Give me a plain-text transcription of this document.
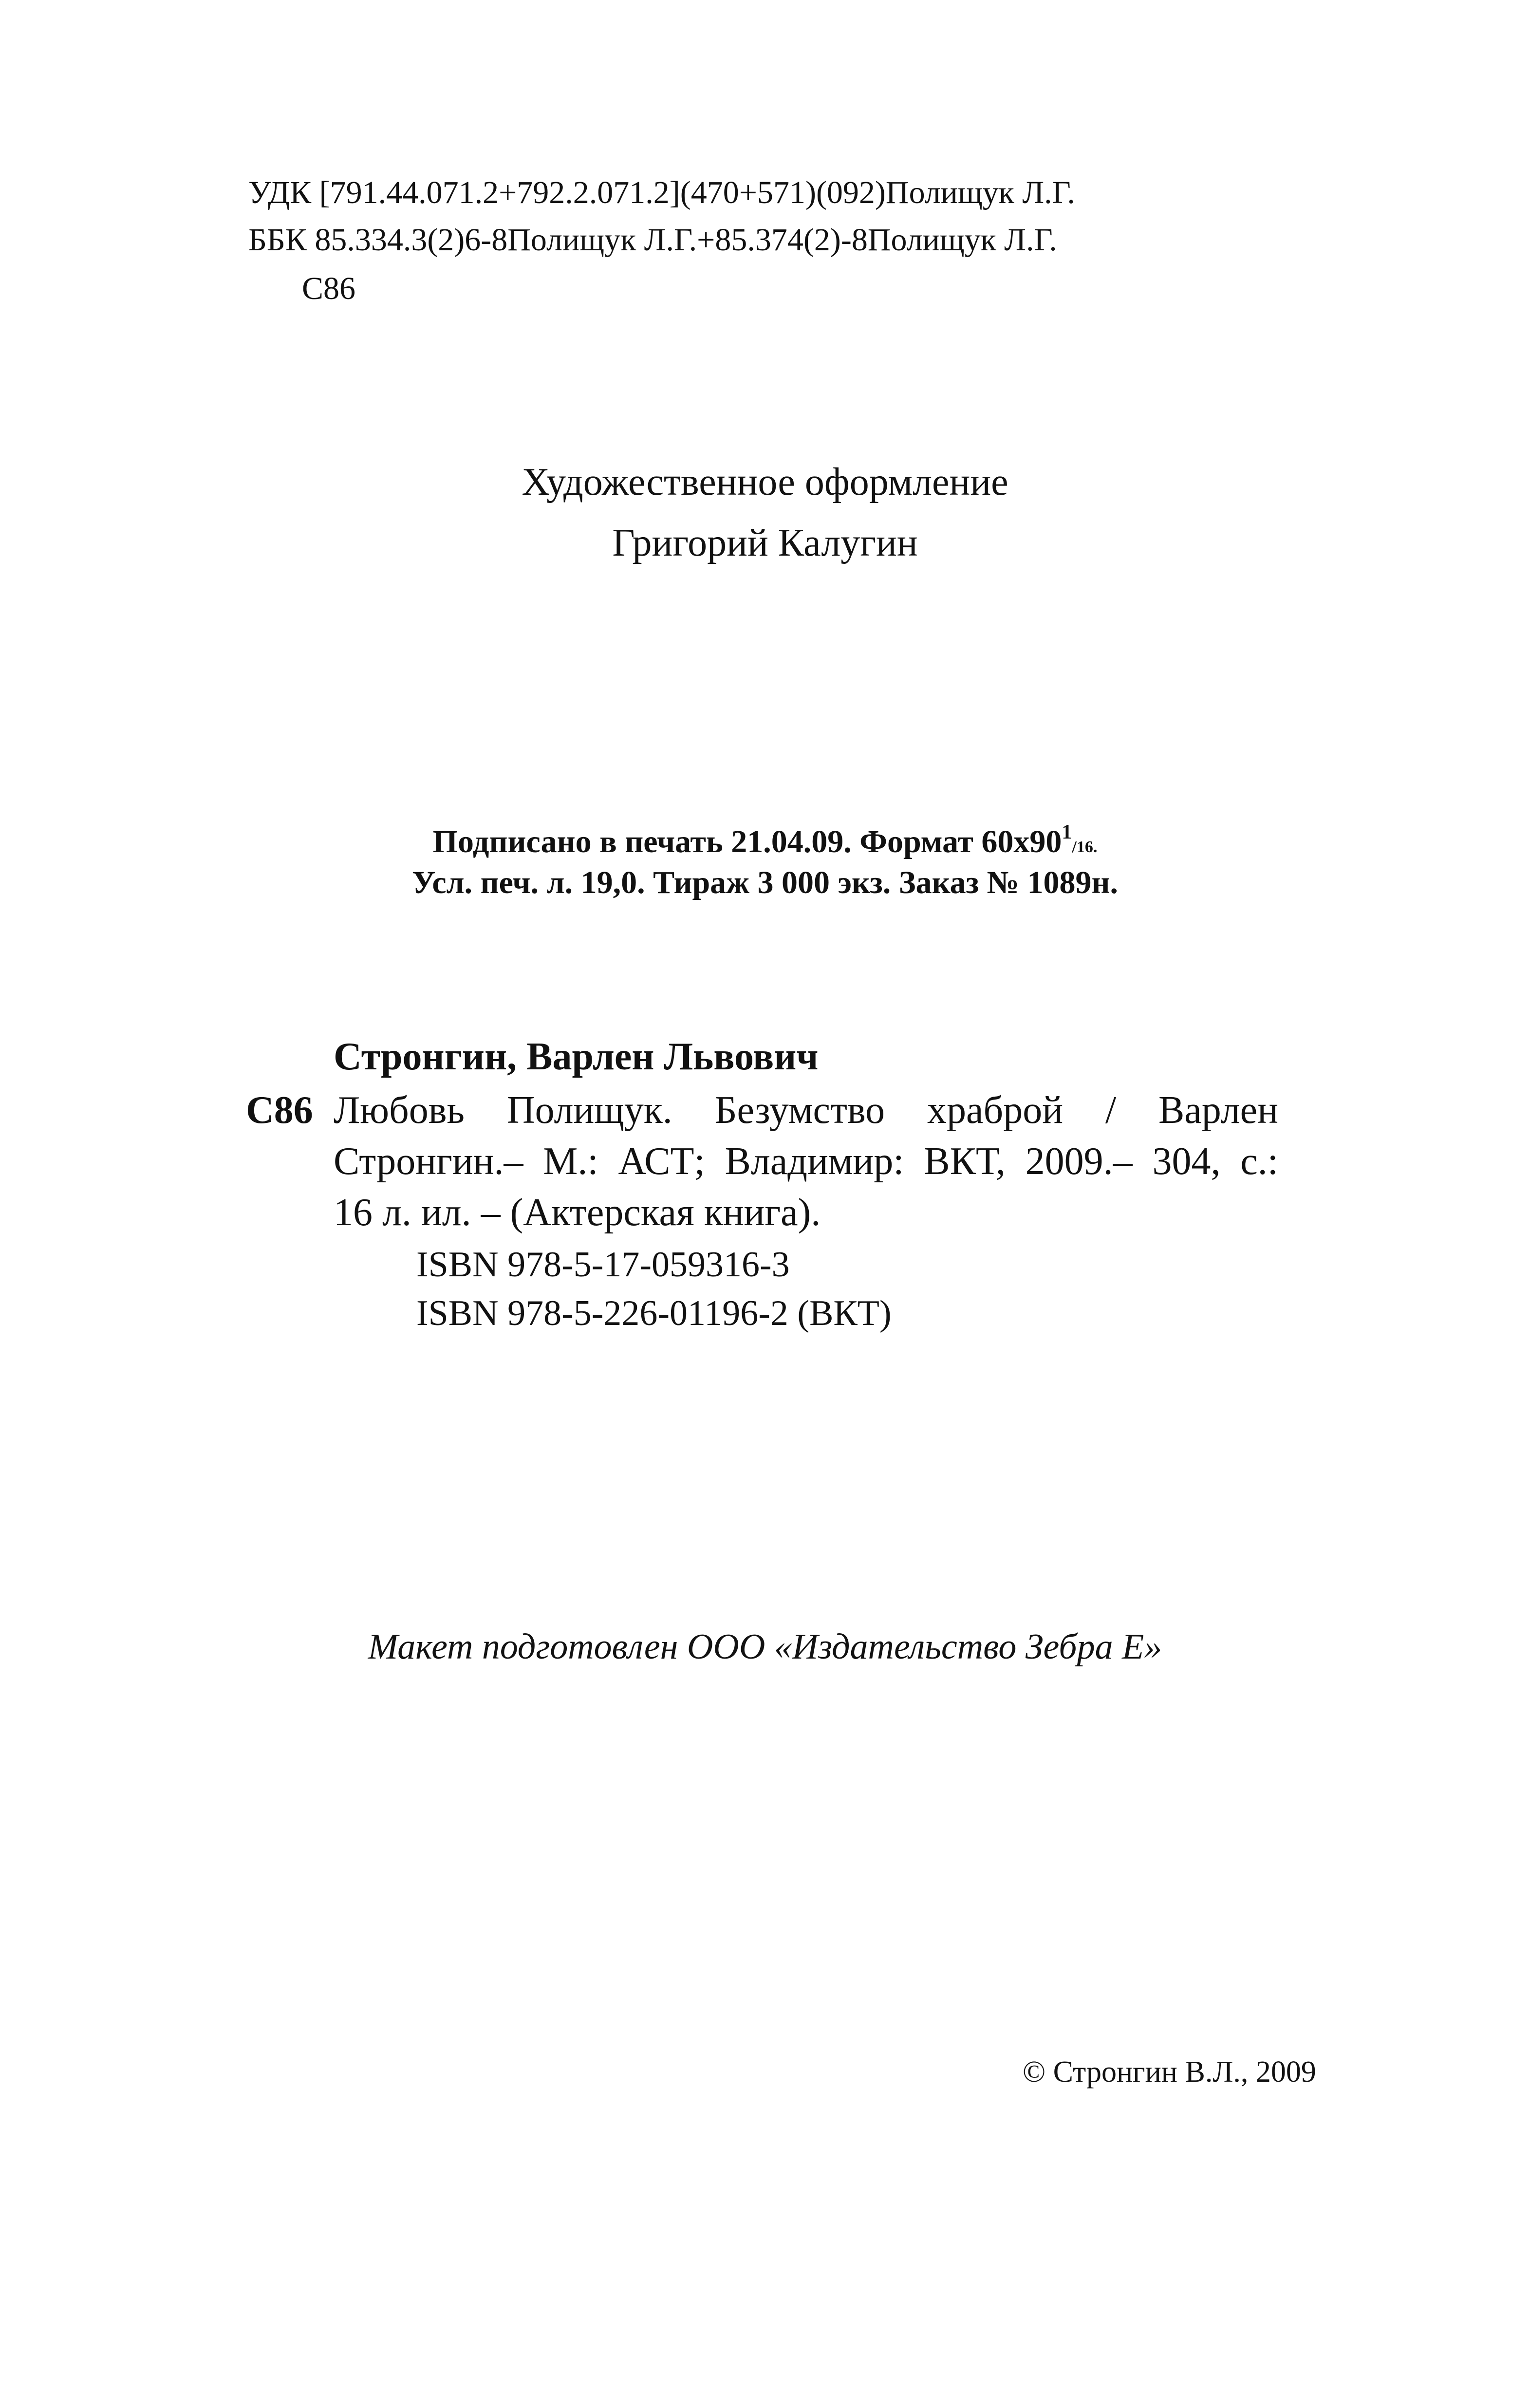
УДК [791.44.071.2+792.2.071.2](470+571)(092)Полищук Л.Г.
ББК 85.334.3(2)6-8Полищук Л.Г.+85.374(2)-8Полищук Л.Г.
С86
Художественное оформление
Григорий Калугин
Подписано в печать 21.04.09. Формат $60x90^1/16$.
Усл. печ. л. 19,0. Тираж 3 000 экз. Заказ № 1089н.
Стронгин, Варлен Львович
С86 Любовь Полищук. Безумство храброй / Варлен
Стронгин.– М.: АСТ; Владимир: ВКТ, 2009.– 304, с.:
16 л. ил. – (Актерская книга).
ISBN 978-5-17-059316-3
ISBN 978-5-226-01196-2 (ВКТ)
Макет подготовлен ООО «Издательство Зебра Е»
© Стронгин В.Л., 2009
